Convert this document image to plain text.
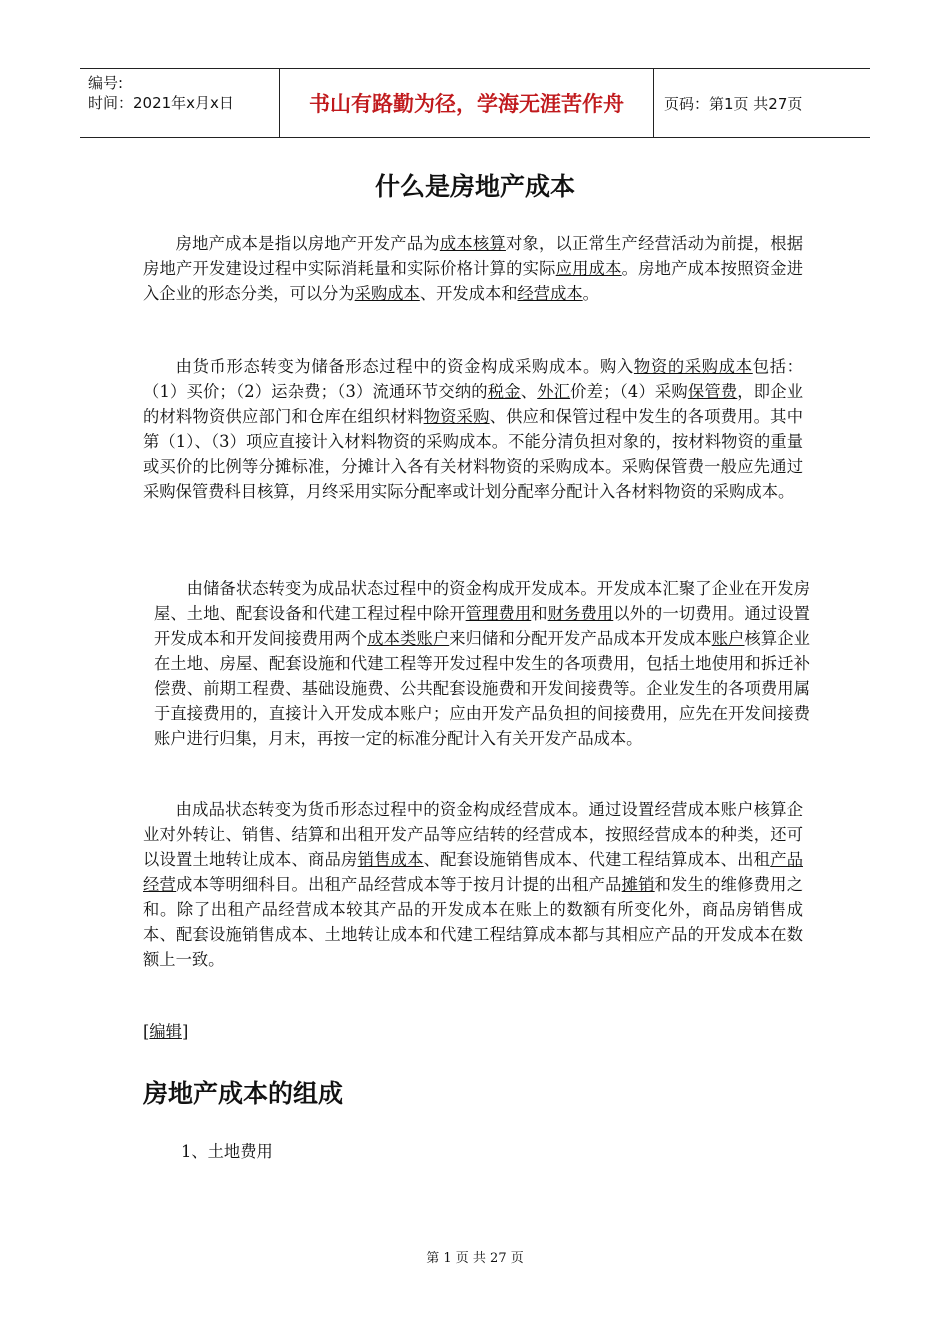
编号:
时间：2021年x月x日	书山有路勤为径，学海无涯苦作舟	页码：第1页 共27页
什么是房地产成本
房地产成本是指以房地产开发产品为成本核算对象，以正常生产经营活动为前提，根据房地产开发建设过程中实际消耗量和实际价格计算的实际应用成本。房地产成本按照资金进入企业的形态分类，可以分为采购成本、开发成本和经营成本。
由货币形态转变为储备形态过程中的资金构成采购成本。购入物资的采购成本包括：（1）买价；（2）运杂费；（3）流通环节交纳的税金、外汇价差；（4）采购保管费，即企业的材料物资供应部门和仓库在组织材料物资采购、供应和保管过程中发生的各项费用。其中第（1）、（3）项应直接计入材料物资的采购成本。不能分清负担对象的，按材料物资的重量或买价的比例等分摊标准，分摊计入各有关材料物资的采购成本。采购保管费一般应先通过采购保管费科目核算，月终采用实际分配率或计划分配率分配计入各材料物资的采购成本。
由储备状态转变为成品状态过程中的资金构成开发成本。开发成本汇聚了企业在开发房屋、土地、配套设备和代建工程过程中除开管理费用和财务费用以外的一切费用。通过设置开发成本和开发间接费用两个成本类账户来归储和分配开发产品成本开发成本账户核算企业在土地、房屋、配套设施和代建工程等开发过程中发生的各项费用，包括土地使用和拆迁补偿费、前期工程费、基础设施费、公共配套设施费和开发间接费等。企业发生的各项费用属于直接费用的，直接计入开发成本账户；应由开发产品负担的间接费用，应先在开发间接费账户进行归集，月末，再按一定的标准分配计入有关开发产品成本。
由成品状态转变为货币形态过程中的资金构成经营成本。通过设置经营成本账户核算企业对外转让、销售、结算和出租开发产品等应结转的经营成本，按照经营成本的种类，还可以设置土地转让成本、商品房销售成本、配套设施销售成本、代建工程结算成本、出租产品经营成本等明细科目。出租产品经营成本等于按月计提的出租产品摊销和发生的维修费用之和。除了出租产品经营成本较其产品的开发成本在账上的数额有所变化外，商品房销售成本、配套设施销售成本、土地转让成本和代建工程结算成本都与其相应产品的开发成本在数额上一致。
[编辑]
房地产成本的组成
1、土地费用
第 1 页 共 27 页
